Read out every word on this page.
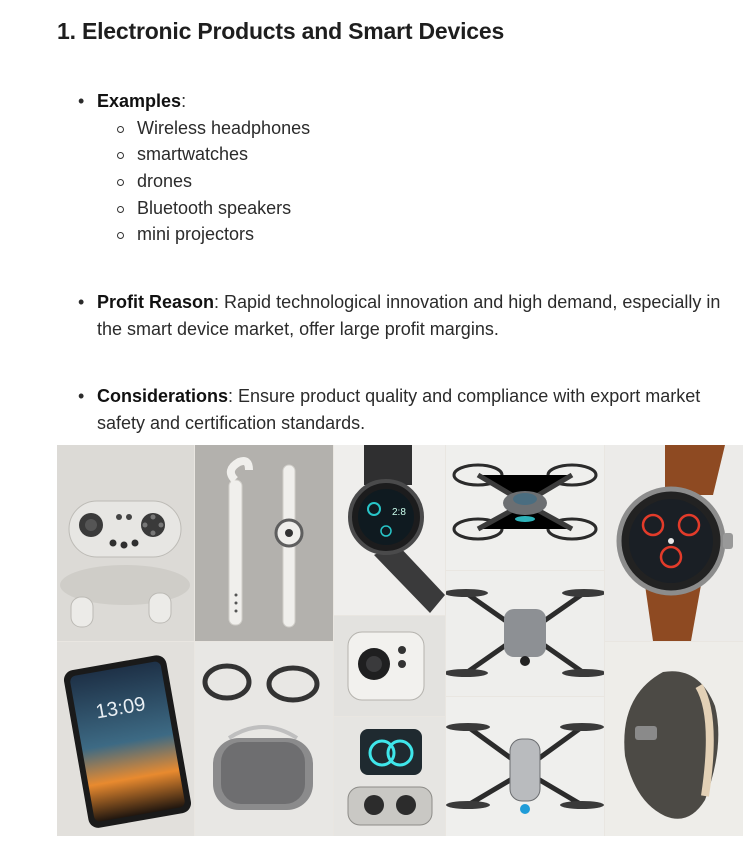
1. Electronic Products and Smart Devices
• Examples:
Wireless headphones
smartwatches
drones
Bluetooth speakers
mini projectors
• Profit Reason: Rapid technological innovation and high demand, especially in the smart device market, offer large profit margins.
• Considerations: Ensure product quality and compliance with export market safety and certification standards.
2:8
13:09
